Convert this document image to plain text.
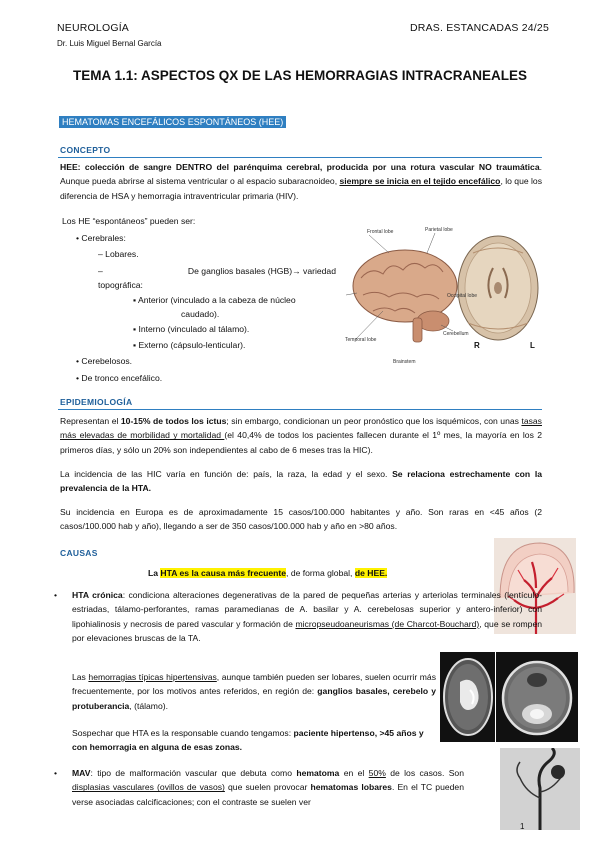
NEUROLOGÍA
Dr. Luis Miguel Bernal García
DRAS. ESTANCADAS 24/25
TEMA 1.1: ASPECTOS QX DE LAS HEMORRAGIAS INTRACRANEALES
HEMATOMAS ENCEFÁLICOS ESPONTÁNEOS (HEE)
CONCEPTO
HEE: colección de sangre DENTRO del parénquima cerebral, producida por una rotura vascular NO traumática. Aunque pueda abrirse al sistema ventricular o al espacio subaracnoideo, siempre se inicia en el tejido encefálico, lo que los diferencia de HSA y hemorragia intraventricular primaria (HIV).
Los HE “espontáneos” pueden ser:
• Cerebrales:
– Lobares.
–	De ganglios basales (HGB)→ variedad
topográfica:
▪ Anterior (vinculado a la cabeza de núcleo
caudado).
▪ Interno (vinculado al tálamo).
▪ Externo (cápsulo-lenticular).
• Cerebelosos.
• De tronco encefálico.
Frontal lobe	Parietal lobe
Occipital lobe
Temporal lobe
Cerebellum
Brainstem
R	L
EPIDEMIOLOGÍA
Representan el 10-15% de todos los ictus; sin embargo, condicionan un peor pronóstico que los isquémicos, con unas tasas más elevadas de morbilidad y mortalidad (el 40,4% de todos los pacientes fallecen durante el 1º mes, la mayoría en los 2 primeros días, y sólo un 20% son independientes al cabo de 6 meses tras la HIC).
La incidencia de las HIC varía en función de: país, la raza, la edad y el sexo. Se relaciona estrechamente con la prevalencia de la HTA.
Su incidencia en Europa es de aproximadamente 15 casos/100.000 habitantes y año. Son raras en <45 años (2 casos/100.000 hab y año), llegando a ser de 350 casos/100.000 hab y año en >80 años.
CAUSAS
La HTA es la causa más frecuente, de forma global, de HEE.
• HTA crónica: condiciona alteraciones degenerativas de la pared de pequeñas arterias y arteriolas terminales (lentículo-estriadas, tálamo-perforantes, ramas paramedianas de A. basilar y A. cerebelosas superior y antero-inferior) con lipohialinosis y necrosis de pared vascular y formación de micropseudoaneurismas (de Charcot-Bouchard), que se rompen por elevaciones bruscas de la TA.
Las hemorragias típicas hipertensivas, aunque también pueden ser lobares, suelen ocurrir más frecuentemente, por los motivos antes referidos, en región de: ganglios basales, cerebelo y protuberancia, (tálamo).
Sospechar que HTA es la responsable cuando tengamos: paciente hipertenso, >45 años y con hemorragia en alguna de esas zonas.
• MAV: tipo de malformación vascular que debuta como hematoma en el 50% de los casos. Son displasias vasculares (ovillos de vasos) que suelen provocar hematomas lobares. En el TC pueden verse asociadas calcificaciones; con el contraste se suelen ver
1
